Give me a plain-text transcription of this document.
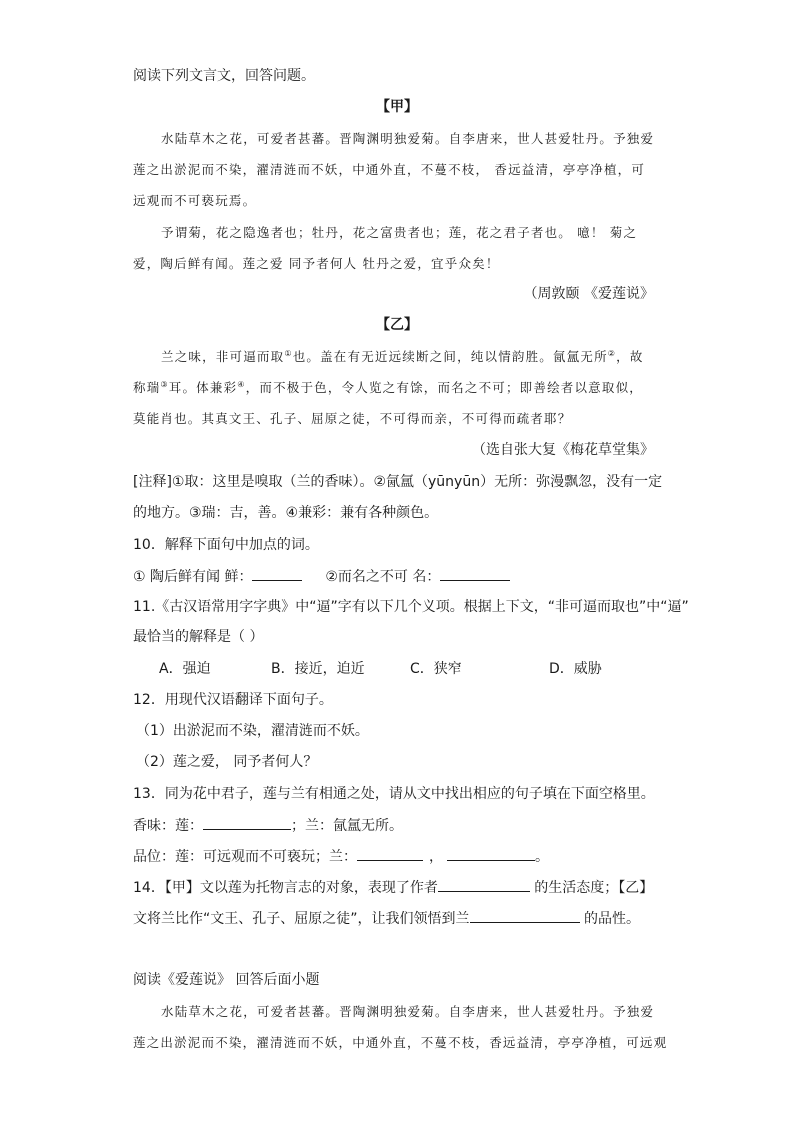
阅读下列文言文，回答问题。
【甲】
水陆草木之花，可爱者甚蕃。晋陶渊明独爱菊。自李唐来，世人甚爱牡丹。予独爱
莲之出淤泥而不染，濯清涟而不妖，中通外直，不蔓不枝， 香远益清，亭亭净植，可
远观而不可亵玩焉。
予谓菊，花之隐逸者也；牡丹，花之富贵者也；莲，花之君子者也。 噫！ 菊之
爱，陶后鲜有闻。莲之爱 同予者何人 牡丹之爱，宜乎众矣！
（周敦颐 《爱莲说》
【乙】
兰之味，非可逼而取①也。盖在有无近远续断之间，纯以情韵胜。氤氲无所②，故
称瑞③耳。体兼彩④，而不极于色，令人览之有馀，而名之不可；即善绘者以意取似，
莫能肖也。其真文王、孔子、屈原之徒，不可得而亲，不可得而疏者耶？
（选自张大复《梅花草堂集》
[注释]①取：这里是嗅取（兰的香味）。②氤氲（yūnyūn）无所：弥漫飘忽，没有一定
的地方。③瑞：吉，善。④兼彩：兼有各种颜色。
10．解释下面句中加点的词。
① 陶后鲜有闻 鲜：	②而名之不可 名：
11.《古汉语常用字字典》中“逼”字有以下几个义项。根据上下文，“非可逼而取也”中“逼”
最恰当的解释是（ ）
A．强迫	B．接近，迫近	C．狭窄	D．威胁
12．用现代汉语翻译下面句子。
（1）出淤泥而不染，濯清涟而不妖。
（2）莲之爱， 同予者何人？
13．同为花中君子，莲与兰有相通之处，请从文中找出相应的句子填在下面空格里。
香味：莲：	；兰：氤氲无所。
品位：莲：可远观而不可亵玩；兰：	，	。
14．【甲】文以莲为托物言志的对象，表现了作者	的生活态度；【乙】
文将兰比作“文王、孔子、屈原之徒”，让我们领悟到兰	的品性。
阅读《爱莲说》 回答后面小题
水陆草木之花，可爱者甚蕃。晋陶渊明独爱菊。自李唐来，世人甚爱牡丹。予独爱
莲之出淤泥而不染，濯清涟而不妖，中通外直，不蔓不枝，香远益清，亭亭净植，可远观
